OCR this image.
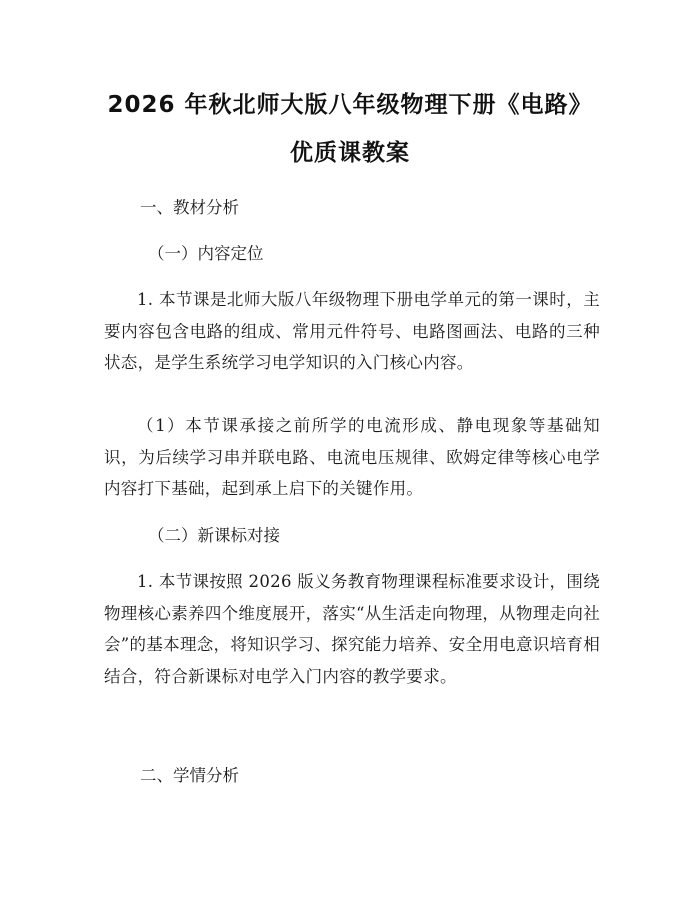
2026 年秋北师大版八年级物理下册《电路》
优质课教案
一、教材分析
（一）内容定位

1. 本节课是北师大版八年级物理下册电学单元的第一课时，主要内容包含电路的组成、常用元件符号、电路图画法、电路的三种状态，是学生系统学习电学知识的入门核心内容。

（1）本节课承接之前所学的电流形成、静电现象等基础知识，为后续学习串并联电路、电流电压规律、欧姆定律等核心电学内容打下基础，起到承上启下的关键作用。

（二）新课标对接

1. 本节课按照 2026 版义务教育物理课程标准要求设计，围绕物理核心素养四个维度展开，落实“从生活走向物理，从物理走向社会”的基本理念，将知识学习、探究能力培养、安全用电意识培育相结合，符合新课标对电学入门内容的教学要求。

二、学情分析
